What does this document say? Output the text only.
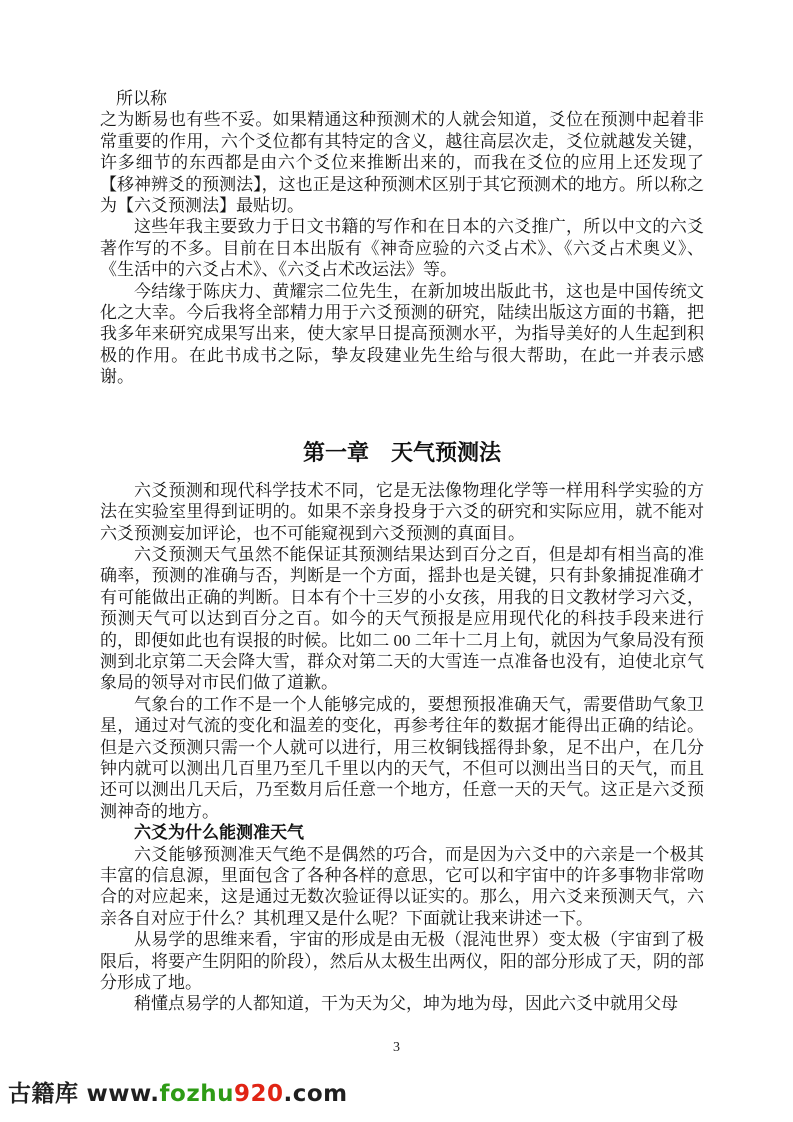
所以称

之为断易也有些不妥。如果精通这种预测术的人就会知道，爻位在预测中起着非常重要的作用，六个爻位都有其特定的含义，越往高层次走，爻位就越发关键，许多细节的东西都是由六个爻位来推断出来的，而我在爻位的应用上还发现了【移神辨爻的预测法】，这也正是这种预测术区别于其它预测术的地方。所以称之为【六爻预测法】最贴切。

这些年我主要致力于日文书籍的写作和在日本的六爻推广，所以中文的六爻著作写的不多。目前在日本出版有《神奇应验的六爻占术》、《六爻占术奥义》、《生活中的六爻占术》、《六爻占术改运法》等。

今结缘于陈庆力、黄耀宗二位先生，在新加坡出版此书，这也是中国传统文化之大幸。今后我将全部精力用于六爻预测的研究，陆续出版这方面的书籍，把我多年来研究成果写出来，使大家早日提高预测水平，为指导美好的人生起到积极的作用。在此书成书之际，挚友段建业先生给与很大帮助，在此一并表示感谢。

第一章　天气预测法

六爻预测和现代科学技术不同，它是无法像物理化学等一样用科学实验的方法在实验室里得到证明的。如果不亲身投身于六爻的研究和实际应用，就不能对六爻预测妄加评论，也不可能窥视到六爻预测的真面目。

六爻预测天气虽然不能保证其预测结果达到百分之百，但是却有相当高的准确率，预测的准确与否，判断是一个方面，摇卦也是关键，只有卦象捕捉准确才有可能做出正确的判断。日本有个十三岁的小女孩，用我的日文教材学习六爻，预测天气可以达到百分之百。如今的天气预报是应用现代化的科技手段来进行的，即便如此也有误报的时候。比如二 00 二年十二月上旬，就因为气象局没有预测到北京第二天会降大雪，群众对第二天的大雪连一点准备也没有，迫使北京气象局的领导对市民们做了道歉。

气象台的工作不是一个人能够完成的，要想预报准确天气，需要借助气象卫星，通过对气流的变化和温差的变化，再参考往年的数据才能得出正确的结论。但是六爻预测只需一个人就可以进行，用三枚铜钱摇得卦象，足不出户，在几分钟内就可以测出几百里乃至几千里以内的天气，不但可以测出当日的天气，而且还可以测出几天后，乃至数月后任意一个地方，任意一天的天气。这正是六爻预测神奇的地方。

六爻为什么能测准天气

六爻能够预测准天气绝不是偶然的巧合，而是因为六爻中的六亲是一个极其丰富的信息源，里面包含了各种各样的意思，它可以和宇宙中的许多事物非常吻合的对应起来，这是通过无数次验证得以证实的。那么，用六爻来预测天气，六亲各自对应于什么？其机理又是什么呢？下面就让我来讲述一下。

从易学的思维来看，宇宙的形成是由无极（混沌世界）变太极（宇宙到了极限后，将要产生阴阳的阶段），然后从太极生出两仪，阳的部分形成了天，阴的部分形成了地。

稍懂点易学的人都知道，干为天为父，坤为地为母，因此六爻中就用父母

3
古籍库 www.fozhu920.com
